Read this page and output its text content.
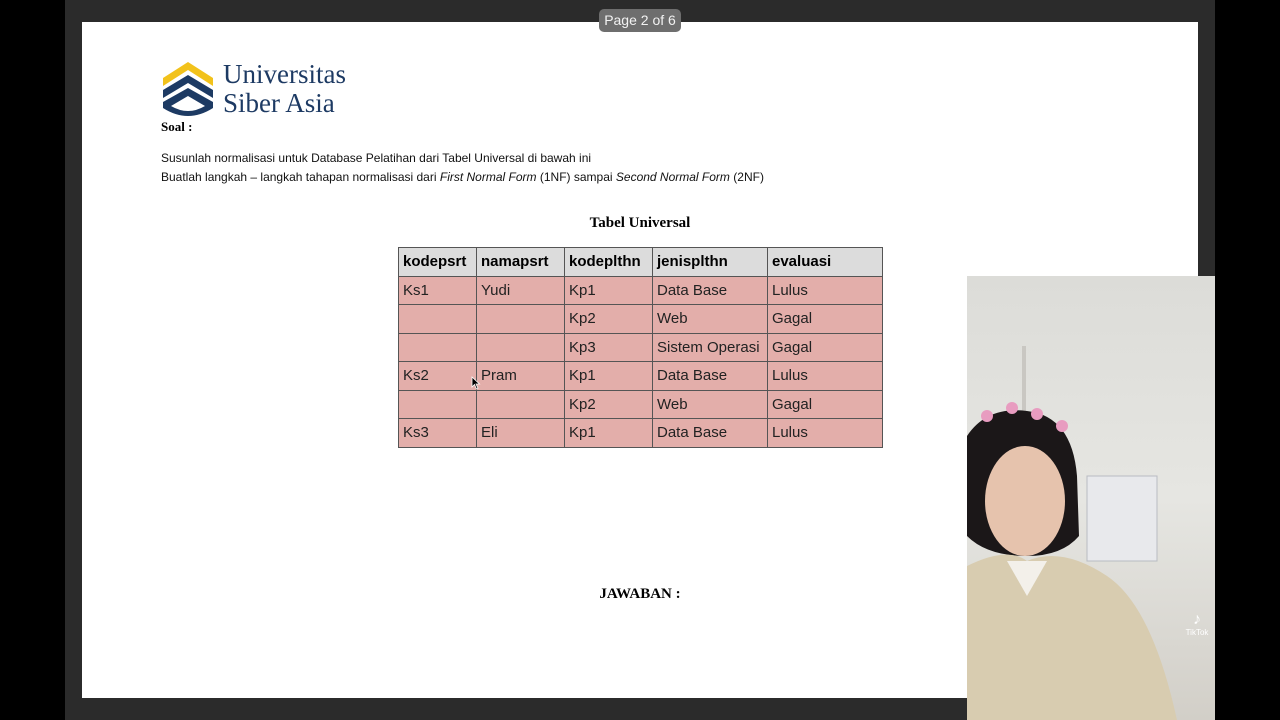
Page 2 of 6
Universitas
Siber Asia
Soal :
Susunlah normalisasi untuk Database Pelatihan dari Tabel Universal di bawah ini
Buatlah langkah – langkah tahapan normalisasi dari First Normal Form (1NF) sampai Second Normal Form (2NF)
Tabel Universal
kodepsrt	namapsrt	kodeplthn	jenisplthn	evaluasi
Ks1	Yudi	Kp1	Data Base	Lulus
		Kp2	Web	Gagal
		Kp3	Sistem Operasi	Gagal
Ks2	Pram	Kp1	Data Base	Lulus
		Kp2	Web	Gagal
Ks3	Eli	Kp1	Data Base	Lulus
JAWABAN :
♪
TikTok
